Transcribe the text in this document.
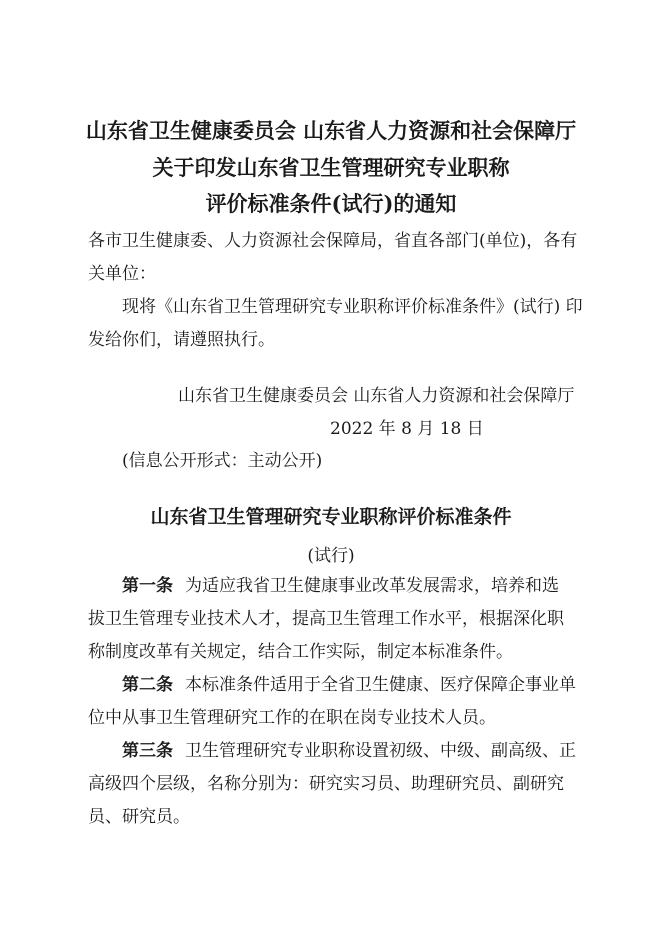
山东省卫生健康委员会 山东省人力资源和社会保障厅
关于印发山东省卫生管理研究专业职称
评价标准条件(试行)的通知
各市卫生健康委、人力资源社会保障局，省直各部门(单位)，各有
关单位：
现将《山东省卫生管理研究专业职称评价标准条件》(试行) 印
发给你们，请遵照执行。
山东省卫生健康委员会 山东省人力资源和社会保障厅
2022 年 8 月 18 日
(信息公开形式：主动公开)
山东省卫生管理研究专业职称评价标准条件
(试行)
第一条 为适应我省卫生健康事业改革发展需求，培养和选
拔卫生管理专业技术人才，提高卫生管理工作水平，根据深化职
称制度改革有关规定，结合工作实际，制定本标准条件。
第二条 本标准条件适用于全省卫生健康、医疗保障企事业单
位中从事卫生管理研究工作的在职在岗专业技术人员。
第三条 卫生管理研究专业职称设置初级、中级、副高级、正
高级四个层级，名称分别为：研究实习员、助理研究员、副研究
员、研究员。
